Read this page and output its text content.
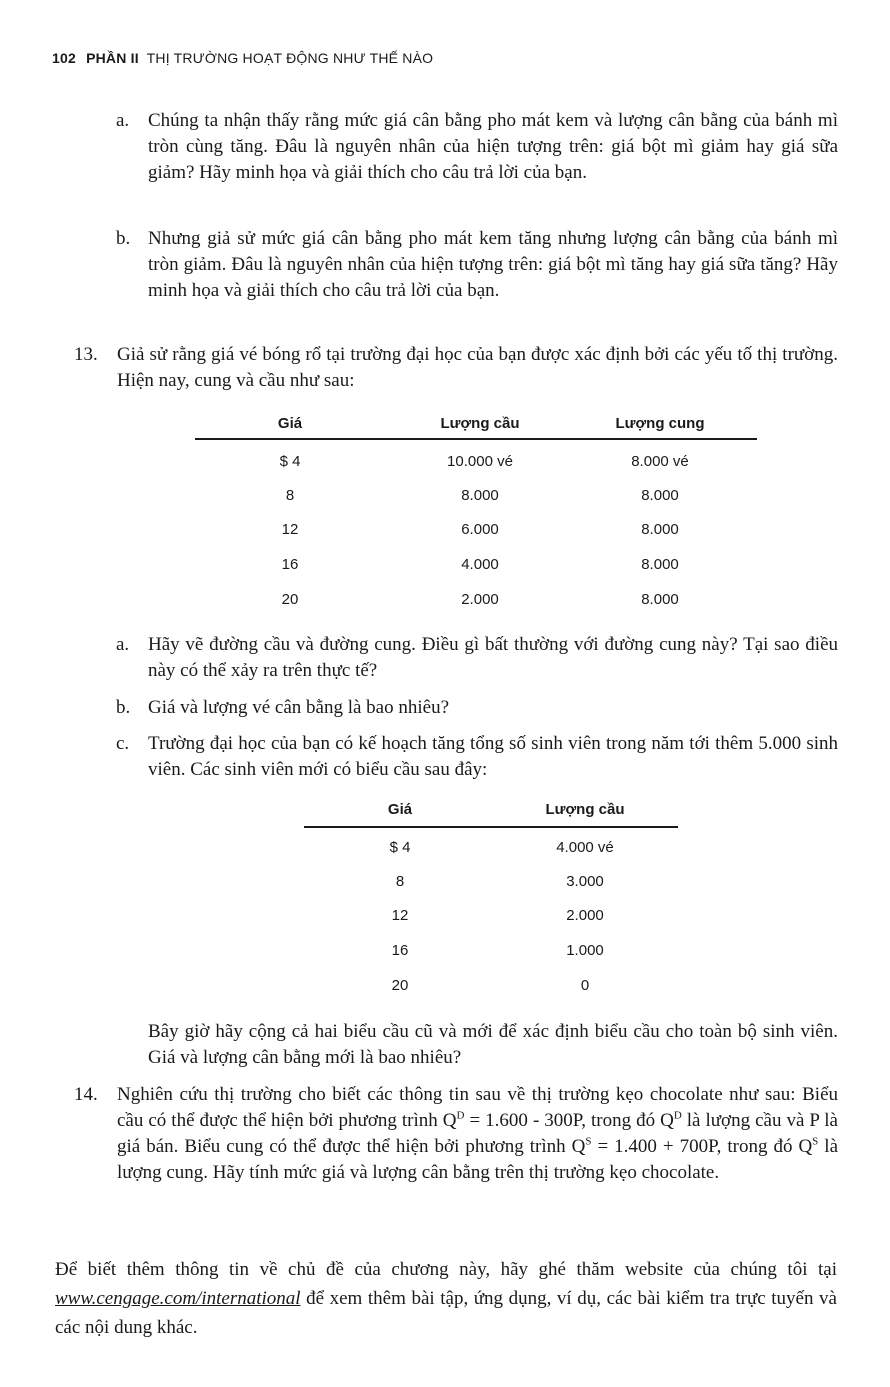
102 PHẦN II THỊ TRƯỜNG HOẠT ĐỘNG NHƯ THẾ NÀO
a. Chúng ta nhận thấy rằng mức giá cân bằng pho mát kem và lượng cân bằng của bánh mì tròn cùng tăng. Đâu là nguyên nhân của hiện tượng trên: giá bột mì giảm hay giá sữa giảm? Hãy minh họa và giải thích cho câu trả lời của bạn.
b. Nhưng giả sử mức giá cân bằng pho mát kem tăng nhưng lượng cân bằng của bánh mì tròn giảm. Đâu là nguyên nhân của hiện tượng trên: giá bột mì tăng hay giá sữa tăng? Hãy minh họa và giải thích cho câu trả lời của bạn.
13. Giả sử rằng giá vé bóng rổ tại trường đại học của bạn được xác định bởi các yếu tố thị trường. Hiện nay, cung và cầu như sau:
Giá	Lượng cầu	Lượng cung
$ 4	10.000 vé	8.000 vé
8	8.000	8.000
12	6.000	8.000
16	4.000	8.000
20	2.000	8.000
a. Hãy vẽ đường cầu và đường cung. Điều gì bất thường với đường cung này? Tại sao điều này có thể xảy ra trên thực tế?
b. Giá và lượng vé cân bằng là bao nhiêu?
c. Trường đại học của bạn có kế hoạch tăng tổng số sinh viên trong năm tới thêm 5.000 sinh viên. Các sinh viên mới có biểu cầu sau đây:
Giá	Lượng cầu
$ 4	4.000 vé
8	3.000
12	2.000
16	1.000
20	0
Bây giờ hãy cộng cả hai biểu cầu cũ và mới để xác định biểu cầu cho toàn bộ sinh viên. Giá và lượng cân bằng mới là bao nhiêu?
14. Nghiên cứu thị trường cho biết các thông tin sau về thị trường kẹo chocolate như sau: Biểu cầu có thể được thể hiện bởi phương trình $Q^D = 1.600 - 300P$, trong đó $Q^D$ là lượng cầu và P là giá bán. Biểu cung có thể được thể hiện bởi phương trình $Q^S = 1.400 + 700P$, trong đó $Q^S$ là lượng cung. Hãy tính mức giá và lượng cân bằng trên thị trường kẹo chocolate.
Để biết thêm thông tin về chủ đề của chương này, hãy ghé thăm website của chúng tôi tại www.cengage.com/international để xem thêm bài tập, ứng dụng, ví dụ, các bài kiểm tra trực tuyến và các nội dung khác.
